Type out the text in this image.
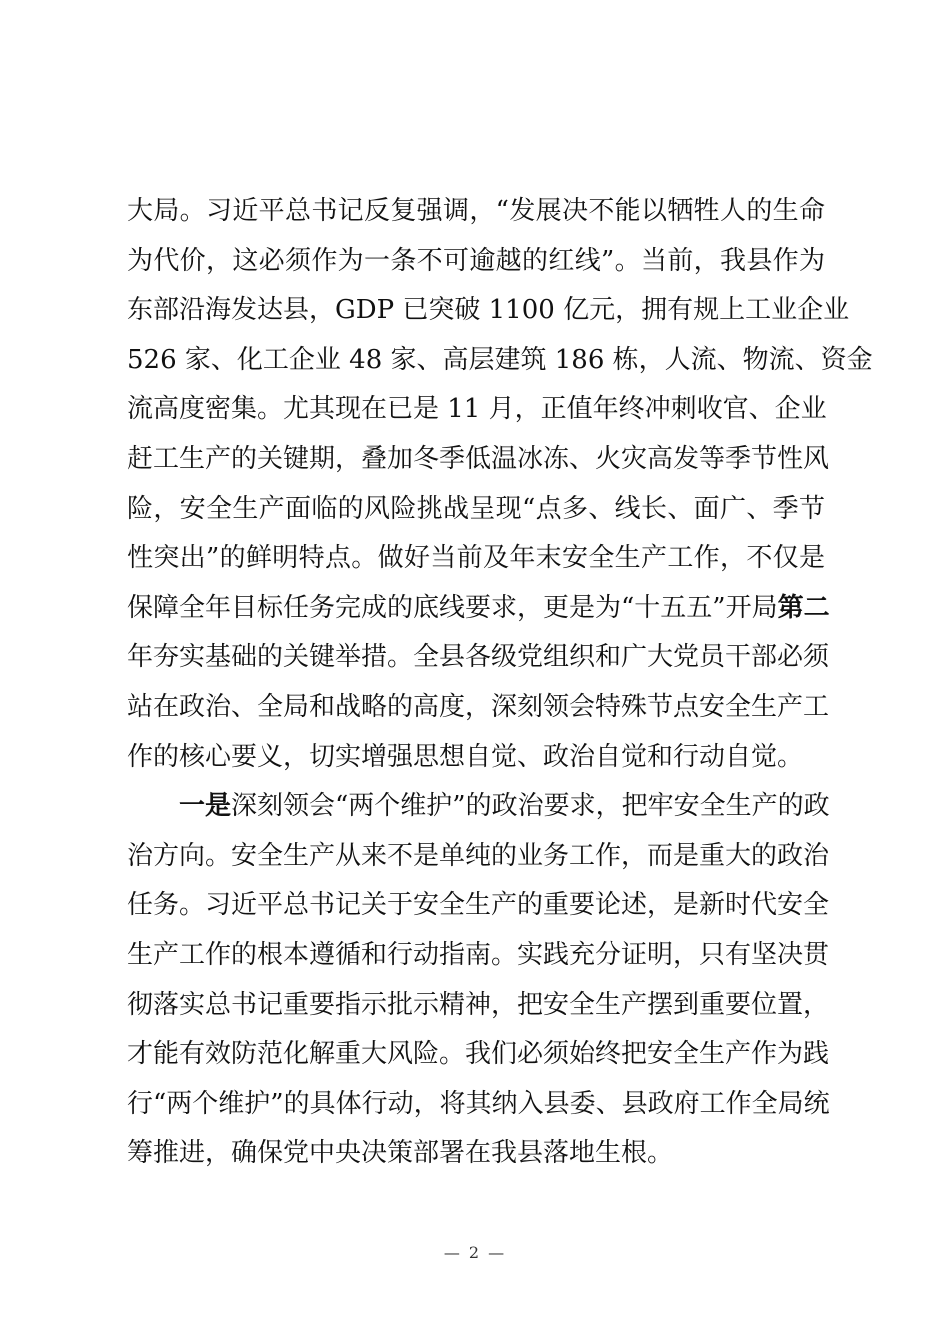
大局。习近平总书记反复强调，“发展决不能以牺牲人的生命
为代价，这必须作为一条不可逾越的红线”。当前，我县作为
东部沿海发达县，GDP 已突破 1100 亿元，拥有规上工业企业
526 家、化工企业 48 家、高层建筑 186 栋，人流、物流、资金
流高度密集。尤其现在已是 11 月，正值年终冲刺收官、企业
赶工生产的关键期，叠加冬季低温冰冻、火灾高发等季节性风
险，安全生产面临的风险挑战呈现“点多、线长、面广、季节
性突出”的鲜明特点。做好当前及年末安全生产工作，不仅是
保障全年目标任务完成的底线要求，更是为“十五五”开局第二
年夯实基础的关键举措。全县各级党组织和广大党员干部必须
站在政治、全局和战略的高度，深刻领会特殊节点安全生产工
作的核心要义，切实增强思想自觉、政治自觉和行动自觉。
一是深刻领会“两个维护”的政治要求，把牢安全生产的政
治方向。安全生产从来不是单纯的业务工作，而是重大的政治
任务。习近平总书记关于安全生产的重要论述，是新时代安全
生产工作的根本遵循和行动指南。实践充分证明，只有坚决贯
彻落实总书记重要指示批示精神，把安全生产摆到重要位置，
才能有效防范化解重大风险。我们必须始终把安全生产作为践
行“两个维护”的具体行动，将其纳入县委、县政府工作全局统
筹推进，确保党中央决策部署在我县落地生根。
— 2 —
